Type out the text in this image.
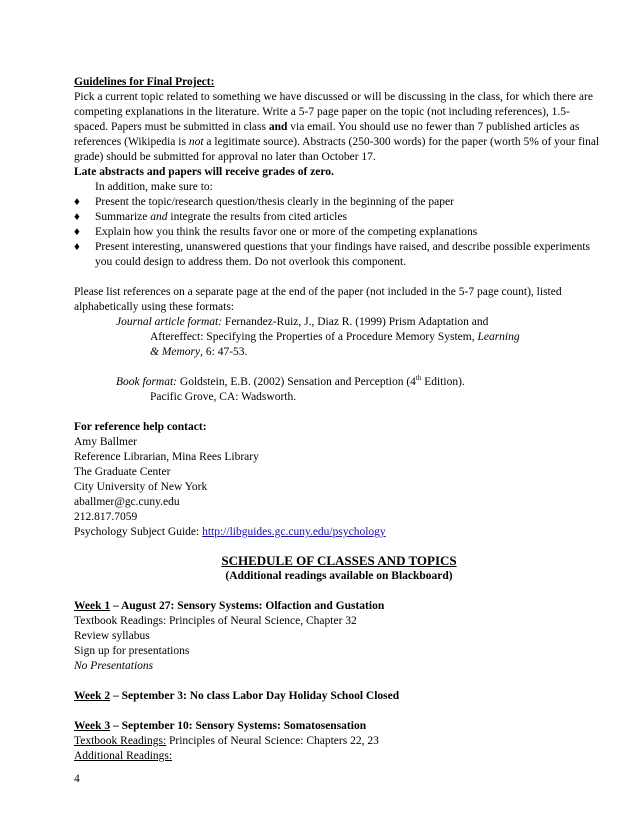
Guidelines for Final Project:

Pick a current topic related to something we have discussed or will be discussing in the class, for which there are competing explanations in the literature. Write a 5-7 page paper on the topic (not including references), 1.5-spaced. Papers must be submitted in class and via email. You should use no fewer than 7 published articles as references (Wikipedia is not a legitimate source). Abstracts (250-300 words) for the paper (worth 5% of your final grade) should be submitted for approval no later than October 17.

Late abstracts and papers will receive grades of zero.

In addition, make sure to:

♦	Present the topic/research question/thesis clearly in the beginning of the paper
♦	Summarize and integrate the results from cited articles
♦	Explain how you think the results favor one or more of the competing explanations

♦ Present interesting, unanswered questions that your findings have raised, and describe possible experiments you could design to address them. Do not overlook this component.

Please list references on a separate page at the end of the paper (not included in the 5-7 page count), listed alphabetically using these formats:

Journal article format: Fernandez-Ruiz, J., Diaz R. (1999) Prism Adaptation and

Aftereffect: Specifying the Properties of a Procedure Memory System, Learning

& Memory, 6: 47-53.

Book format: Goldstein, E.B. (2002) Sensation and Perception (4th Edition).

Pacific Grove, CA: Wadsworth.

For reference help contact:

Amy Ballmer

Reference Librarian, Mina Rees Library

The Graduate Center

City University of New York

aballmer@gc.cuny.edu

212.817.7059

Psychology Subject Guide: http://libguides.gc.cuny.edu/psychology

SCHEDULE OF CLASSES AND TOPICS

(Additional readings available on Blackboard)

Week 1 – August 27: Sensory Systems: Olfaction and Gustation

Textbook Readings: Principles of Neural Science, Chapter 32

Review syllabus

Sign up for presentations

No Presentations

Week 2 – September 3: No class Labor Day Holiday School Closed

Week 3 – September 10: Sensory Systems: Somatosensation

Textbook Readings: Principles of Neural Science: Chapters 22, 23

Additional Readings:

4
